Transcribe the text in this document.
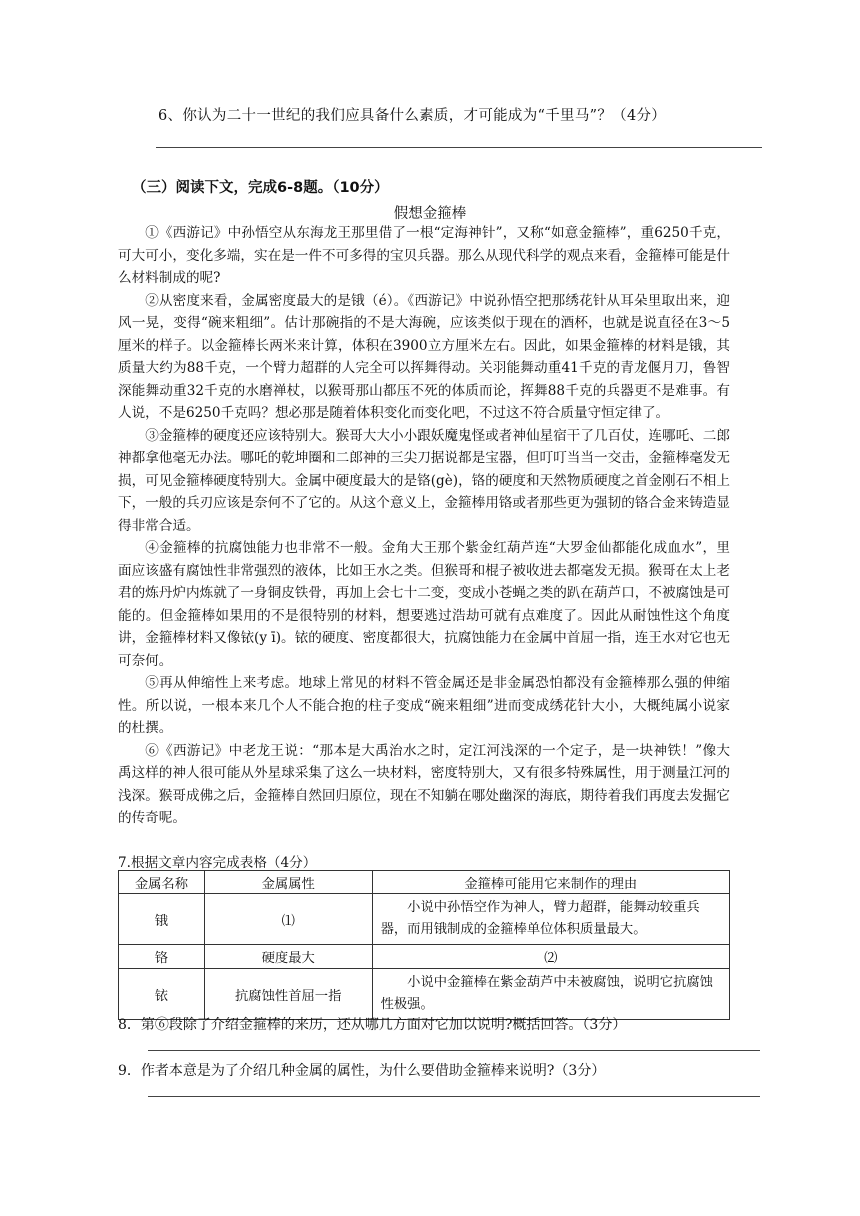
6、你认为二十一世纪的我们应具备什么素质，才可能成为“千里马”？（4分）
（三）阅读下文，完成6-8题。（10分）
假想金箍棒

①《西游记》中孙悟空从东海龙王那里借了一根“定海神针”，又称“如意金箍棒”，重6250千克，可大可小，变化多端，实在是一件不可多得的宝贝兵器。那么从现代科学的观点来看，金箍棒可能是什么材料制成的呢?

②从密度来看，金属密度最大的是锇（é）。《西游记》中说孙悟空把那绣花针从耳朵里取出来，迎风一晃，变得“碗来粗细”。估计那碗指的不是大海碗，应该类似于现在的酒杯，也就是说直径在3～5厘米的样子。以金箍棒长两米来计算，体积在3900立方厘米左右。因此，如果金箍棒的材料是锇，其质量大约为88千克，一个臂力超群的人完全可以挥舞得动。关羽能舞动重41千克的青龙偃月刀，鲁智深能舞动重32千克的水磨禅杖，以猴哥那山都压不死的体质而论，挥舞88千克的兵器更不是难事。有人说，不是6250千克吗？想必那是随着体积变化而变化吧，不过这不符合质量守恒定律了。

③金箍棒的硬度还应该特别大。猴哥大大小小跟妖魔鬼怪或者神仙星宿干了几百仗，连哪吒、二郎神都拿他毫无办法。哪吒的乾坤圈和二郎神的三尖刀据说都是宝器，但叮叮当当一交击，金箍棒毫发无损，可见金箍棒硬度特别大。金属中硬度最大的是铬(gè)，铬的硬度和天然物质硬度之首金刚石不相上下，一般的兵刃应该是奈何不了它的。从这个意义上，金箍棒用铬或者那些更为强韧的铬合金来铸造显得非常合适。

④金箍棒的抗腐蚀能力也非常不一般。金角大王那个紫金红葫芦连“大罗金仙都能化成血水”，里面应该盛有腐蚀性非常强烈的液体，比如王水之类。但猴哥和棍子被收进去都毫发无损。猴哥在太上老君的炼丹炉内炼就了一身铜皮铁骨，再加上会七十二变，变成小苍蝇之类的趴在葫芦口，不被腐蚀是可能的。但金箍棒如果用的不是很特别的材料，想要逃过浩劫可就有点难度了。因此从耐蚀性这个角度讲，金箍棒材料又像铱(y ī)。铱的硬度、密度都很大，抗腐蚀能力在金属中首屈一指，连王水对它也无可奈何。

⑤再从伸缩性上来考虑。地球上常见的材料不管金属还是非金属恐怕都没有金箍棒那么强的伸缩性。所以说，一根本来几个人不能合抱的柱子变成“碗来粗细”进而变成绣花针大小，大概纯属小说家的杜撰。

⑥《西游记》中老龙王说：“那本是大禹治水之时，定江河浅深的一个定子，是一块神铁！”像大禹这样的神人很可能从外星球采集了这么一块材料，密度特别大，又有很多特殊属性，用于测量江河的浅深。猴哥成佛之后，金箍棒自然回归原位，现在不知躺在哪处幽深的海底，期待着我们再度去发掘它的传奇呢。

7.根据文章内容完成表格（4分）
金属名称	金属属性	金箍棒可能用它来制作的理由
锇	⑴	小说中孙悟空作为神人，臂力超群，能舞动较重兵器，而用锇制成的金箍棒单位体积质量最大。
铬	硬度最大	⑵
铱	抗腐蚀性首屈一指	小说中金箍棒在紫金葫芦中未被腐蚀，说明它抗腐蚀性极强。
8．第⑥段除了介绍金箍棒的来历，还从哪几方面对它加以说明?概括回答。（3分）
9．作者本意是为了介绍几种金属的属性，为什么要借助金箍棒来说明?（3分）
